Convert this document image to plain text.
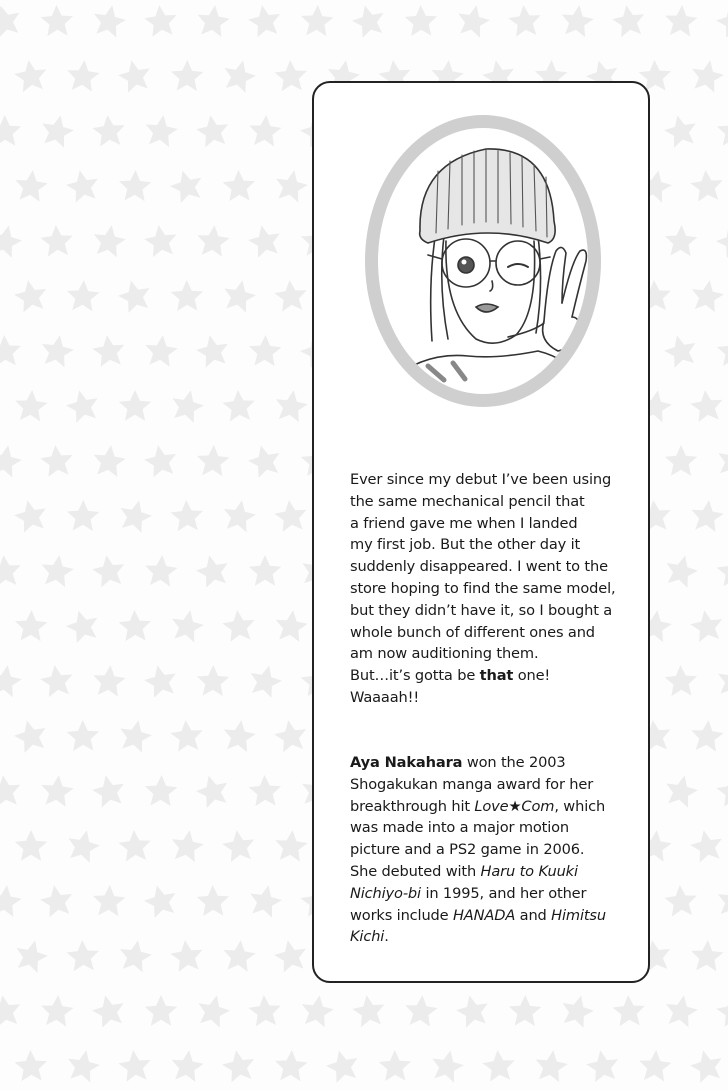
Ever since my debut I’ve been using
the same mechanical pencil that
a friend gave me when I landed
my first job. But the other day it
suddenly disappeared. I went to the
store hoping to find the same model,
but they didn’t have it, so I bought a
whole bunch of different ones and
am now auditioning them.
But…it’s gotta be that one!
Waaaah!!
Aya Nakahara won the 2003
Shogakukan manga award for her
breakthrough hit Love★Com, which
was made into a major motion
picture and a PS2 game in 2006.
She debuted with Haru to Kuuki
Nichiyo-bi in 1995, and her other
works include HANADA and Himitsu
Kichi.
